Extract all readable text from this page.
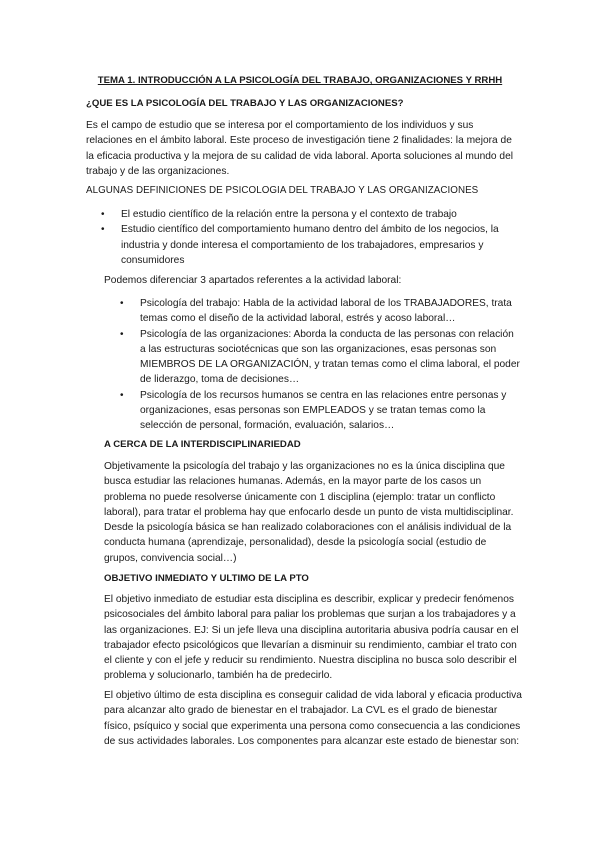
TEMA 1. INTRODUCCIÓN A LA PSICOLOGÍA DEL TRABAJO, ORGANIZACIONES Y RRHH

¿QUE ES LA PSICOLOGÍA DEL TRABAJO Y LAS ORGANIZACIONES?

Es el campo de estudio que se interesa por el comportamiento de los individuos y sus relaciones en el ámbito laboral. Este proceso de investigación tiene 2 finalidades: la mejora de la eficacia productiva y la mejora de su calidad de vida laboral. Aporta soluciones al mundo del trabajo y de las organizaciones.

ALGUNAS DEFINICIONES DE PSICOLOGIA DEL TRABAJO Y LAS ORGANIZACIONES

• El estudio científico de la relación entre la persona y el contexto de trabajo
• Estudio científico del comportamiento humano dentro del ámbito de los negocios, la industria y donde interesa el comportamiento de los trabajadores, empresarios y consumidores

Podemos diferenciar 3 apartados referentes a la actividad laboral:

• Psicología del trabajo: Habla de la actividad laboral de los TRABAJADORES, trata temas como el diseño de la actividad laboral, estrés y acoso laboral…
• Psicología de las organizaciones: Aborda la conducta de las personas con relación a las estructuras sociotécnicas que son las organizaciones, esas personas son MIEMBROS DE LA ORGANIZACIÓN, y tratan temas como el clima laboral, el poder de liderazgo, toma de decisiones…
• Psicología de los recursos humanos se centra en las relaciones entre personas y organizaciones, esas personas son EMPLEADOS y se tratan temas como la selección de personal, formación, evaluación, salarios…

A CERCA DE LA INTERDISCIPLINARIEDAD

Objetivamente la psicología del trabajo y las organizaciones no es la única disciplina que busca estudiar las relaciones humanas. Además, en la mayor parte de los casos un problema no puede resolverse únicamente con 1 disciplina (ejemplo: tratar un conflicto laboral), para tratar el problema hay que enfocarlo desde un punto de vista multidisciplinar. Desde la psicología básica se han realizado colaboraciones con el análisis individual de la conducta humana (aprendizaje, personalidad), desde la psicología social (estudio de grupos, convivencia social…)

OBJETIVO INMEDIATO Y ULTIMO DE LA PTO

El objetivo inmediato de estudiar esta disciplina es describir, explicar y predecir fenómenos psicosociales del ámbito laboral para paliar los problemas que surjan a los trabajadores y a las organizaciones. EJ: Si un jefe lleva una disciplina autoritaria abusiva podría causar en el trabajador efecto psicológicos que llevarían a disminuir su rendimiento, cambiar el trato con el cliente y con el jefe y reducir su rendimiento. Nuestra disciplina no busca solo describir el problema y solucionarlo, también ha de predecirlo.

El objetivo último de esta disciplina es conseguir calidad de vida laboral y eficacia productiva para alcanzar alto grado de bienestar en el trabajador. La CVL es el grado de bienestar físico, psíquico y social que experimenta una persona como consecuencia a las condiciones de sus actividades laborales. Los componentes para alcanzar este estado de bienestar son:
